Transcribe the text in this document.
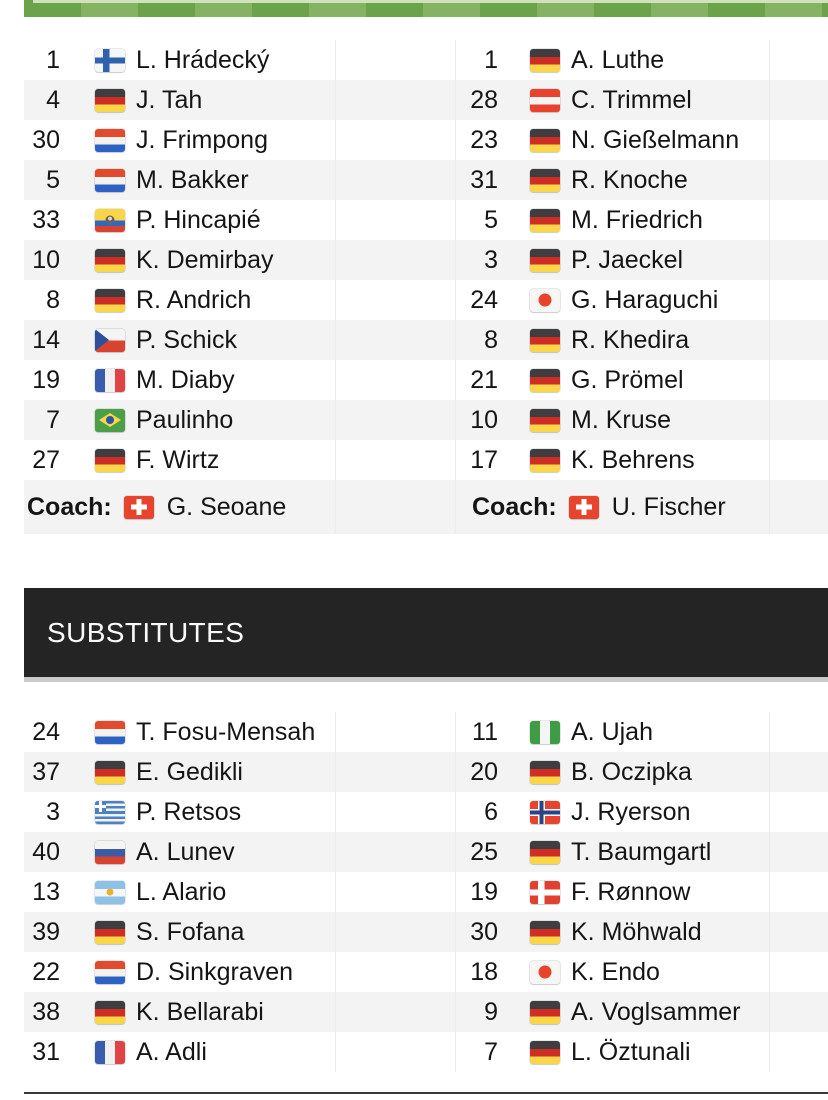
1	L. Hrádecký	1	A. Luthe
4	J. Tah	28	C. Trimmel
30	J. Frimpong	23	N. Gießelmann
5	M. Bakker	31	R. Knoche
33	P. Hincapié	5	M. Friedrich
10	K. Demirbay	3	P. Jaeckel
8	R. Andrich	24	G. Haraguchi
14	P. Schick	8	R. Khedira
19	M. Diaby	21	G. Prömel
7	Paulinho	10	M. Kruse
27	F. Wirtz	17	K. Behrens
Coach: G. Seoane	Coach: U. Fischer
SUBSTITUTES
24	T. Fosu-Mensah	11	A. Ujah
37	E. Gedikli	20	B. Oczipka
3	P. Retsos	6	J. Ryerson
40	A. Lunev	25	T. Baumgartl
13	L. Alario	19	F. Rønnow
39	S. Fofana	30	K. Möhwald
22	D. Sinkgraven	18	K. Endo
38	K. Bellarabi	9	A. Voglsammer
31	A. Adli	7	L. Öztunali
